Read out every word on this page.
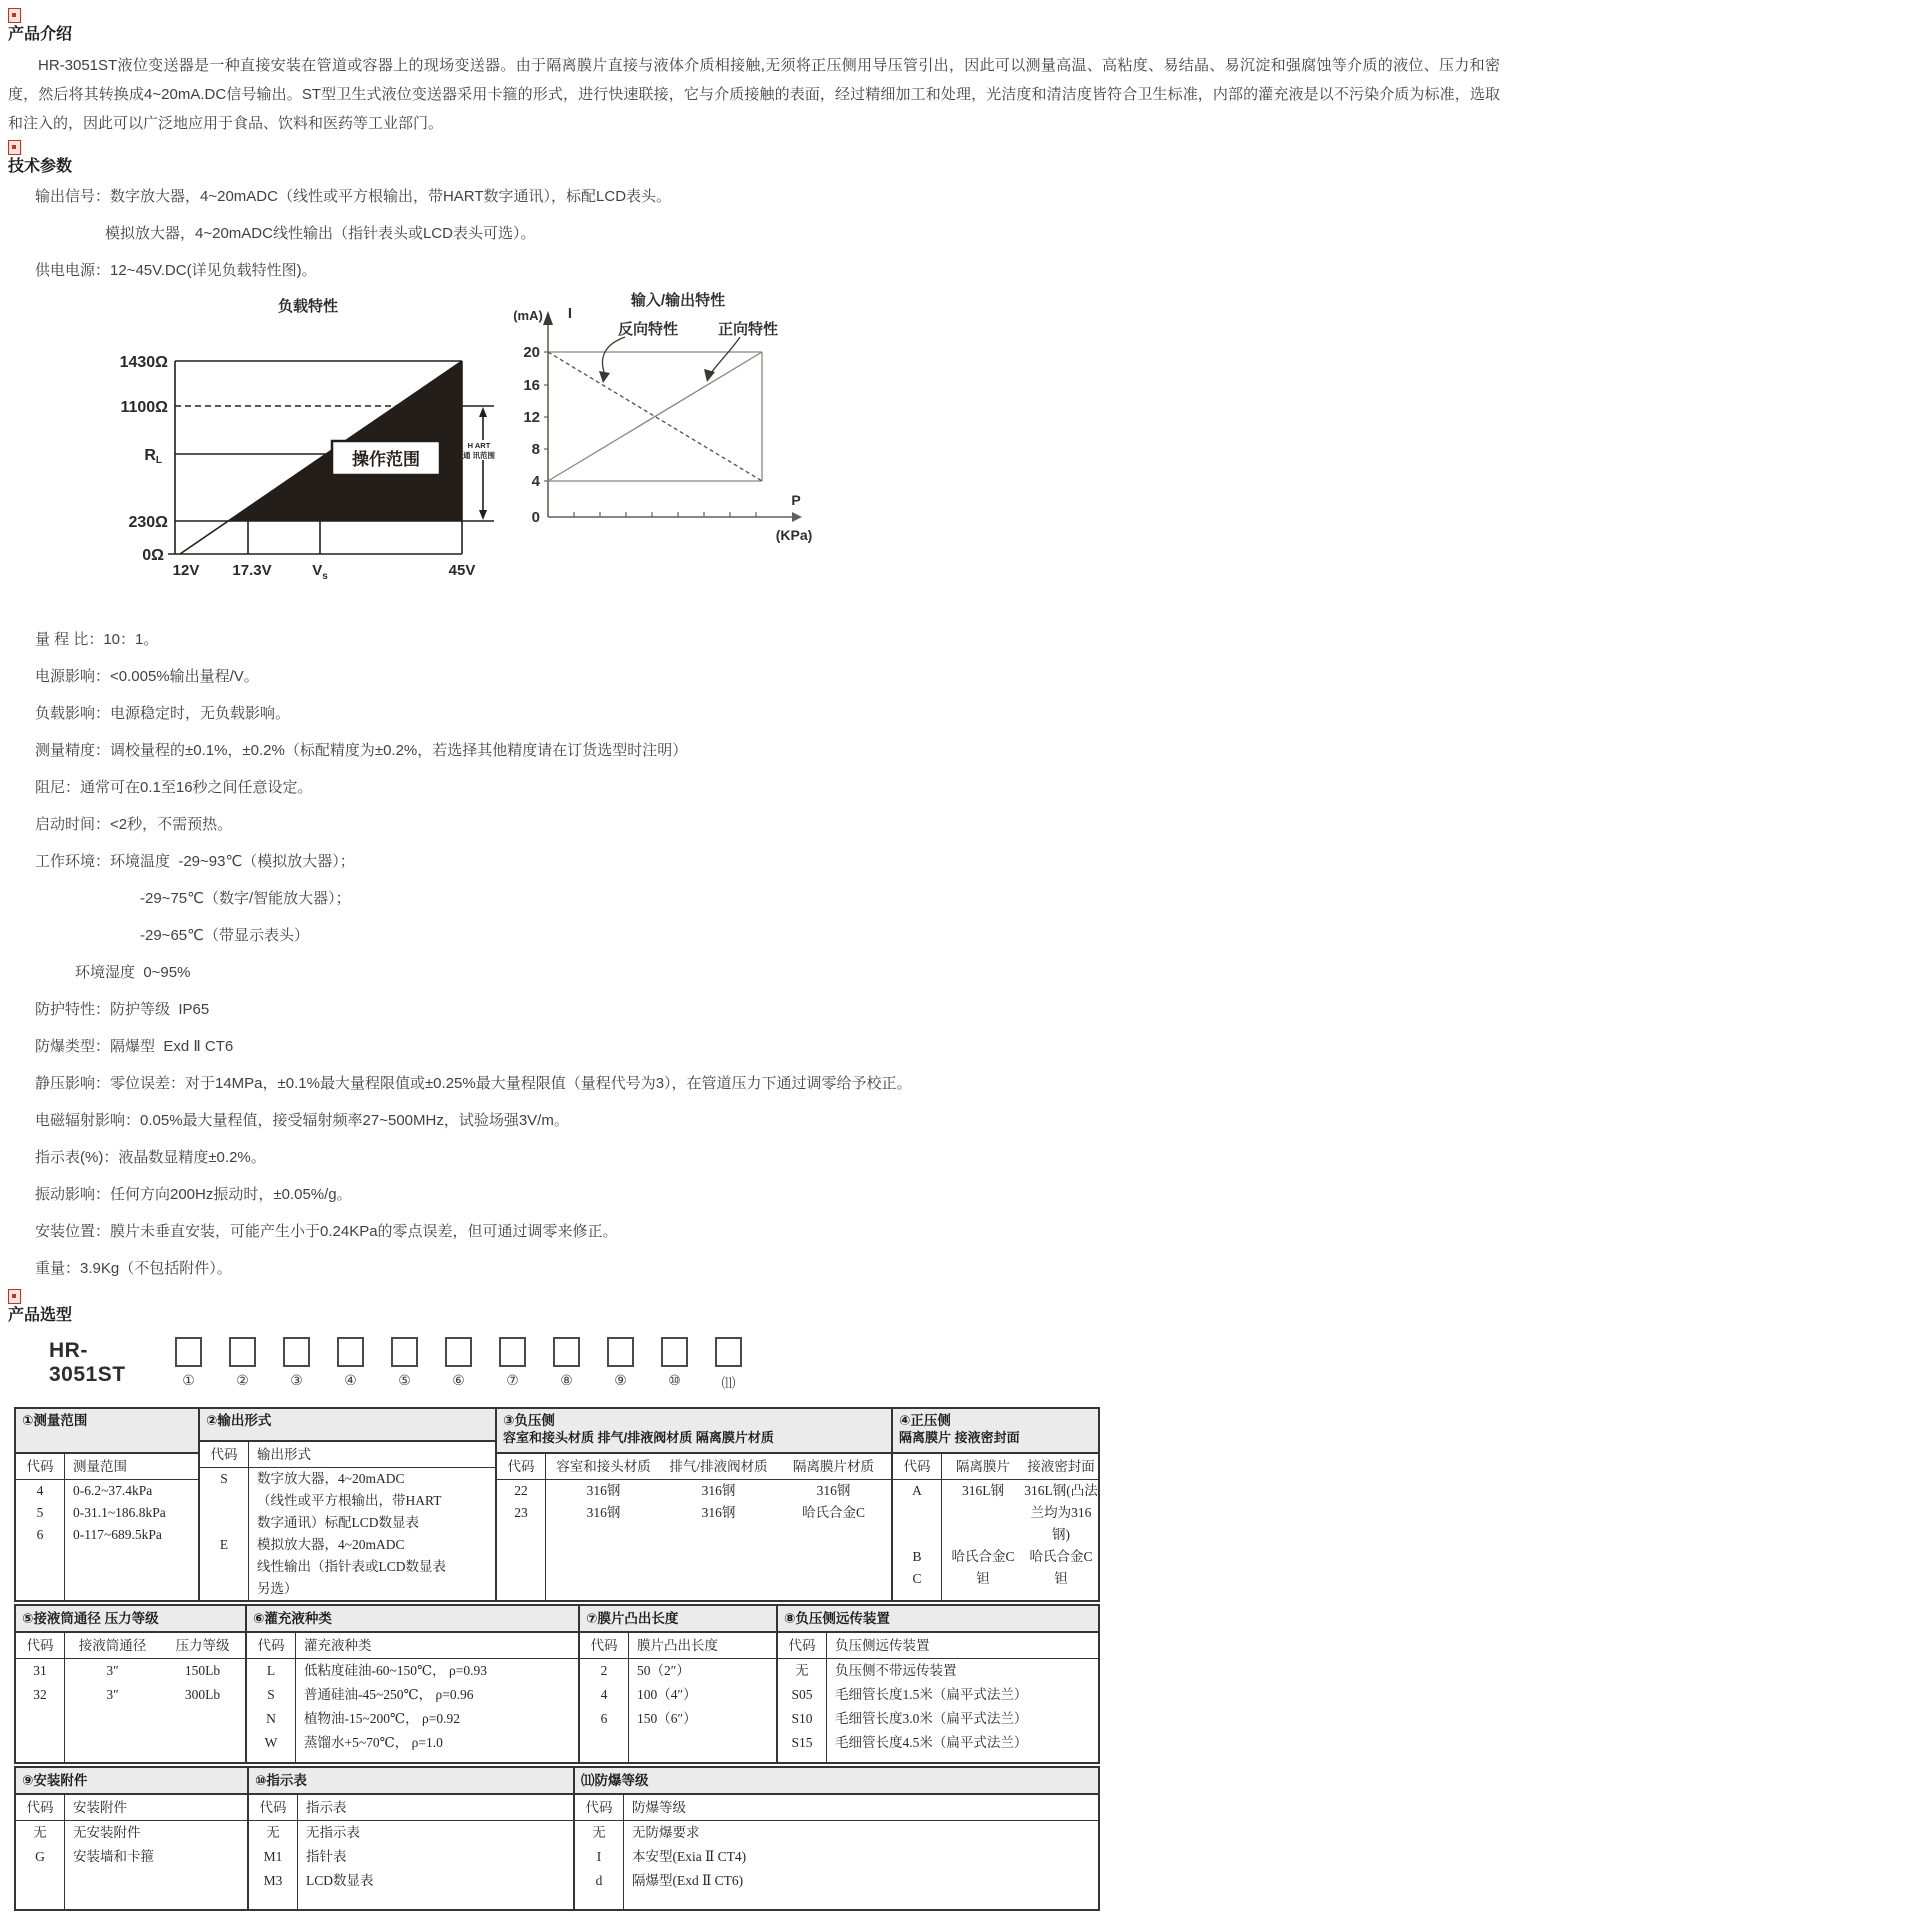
产品介绍

HR-3051ST液位变送器是一种直接安装在管道或容器上的现场变送器。由于隔离膜片直接与液体介质相接触,无须将正压侧用导压管引出，因此可以测量高温、高粘度、易结晶、易沉淀和强腐蚀等介质的液位、压力和密度，然后将其转换成4~20mA.DC信号输出。ST型卫生式液位变送器采用卡箍的形式，进行快速联接，它与介质接触的表面，经过精细加工和处理，光洁度和清洁度皆符合卫生标准，内部的灌充液是以不污染介质为标准，选取和注入的，因此可以广泛地应用于食品、饮料和医药等工业部门。

技术参数
输出信号：数字放大器，4~20mADC（线性或平方根输出，带HART数字通讯），标配LCD表头。
模拟放大器，4~20mADC线性输出（指针表头或LCD表头可选）。
供电电源：12~45V.DC(详见负载特性图)。
负载特性
操作范围
H ART
通 讯范围
1430Ω
1100Ω
RL
230Ω
0Ω
12V 17.3V	$V_s$	45V
输入/输出特性
(mA) I
反向特性	正向特性
20
16
12
8
4
0
P
(KPa)
量 程 比：10：1。
电源影响：<0.005%输出量程/V。
负载影响：电源稳定时，无负载影响。
测量精度：调校量程的±0.1%，±0.2%（标配精度为±0.2%，若选择其他精度请在订货选型时注明）
阻尼：通常可在0.1至16秒之间任意设定。
启动时间：<2秒，不需预热。
工作环境：环境温度  -29~93℃（模拟放大器）；
-29~75℃（数字/智能放大器）；
-29~65℃（带显示表头）
环境湿度  0~95%
防护特性：防护等级  IP65
防爆类型：隔爆型  Exd Ⅱ CT6
静压影响：零位误差：对于14MPa，±0.1%最大量程限值或±0.25%最大量程限值（量程代号为3），在管道压力下通过调零给予校正。
电磁辐射影响：0.05%最大量程值，接受辐射频率27~500MHz，试验场强3V/m。
指示表(%)：液晶数显精度±0.2%。
振动影响：任何方向200Hz振动时，±0.05%/g。
安装位置：膜片未垂直安装，可能产生小于0.24KPa的零点误差，但可通过调零来修正。
重量：3.9Kg（不包括附件）。
产品选型
HR-3051ST	①	②	③	④	⑤	⑥	⑦	⑧	⑨	⑩	⑾
①测量范围
代码	测量范围
4	0-6.2~37.4kPa
5	0-31.1~186.8kPa
6	0-117~689.5kPa
②输出形式
代码	输出形式
S	数字放大器，4~20mADC
（线性或平方根输出，带HART
数字通讯）标配LCD数显表
E	模拟放大器，4~20mADC
线性输出（指针表或LCD数显表
另选）
③负压侧
容室和接头材质 排气/排液阀材质 隔离膜片材质
代码	容室和接头材质	排气/排液阀材质	隔离膜片材质
22	316钢	316钢	316钢
23	316钢	316钢	哈氏合金C
④正压侧
隔离膜片 接液密封面
代码	隔离膜片	接液密封面
A	316L钢	316L钢(凸法兰均为316钢)
B	哈氏合金C	哈氏合金C
C	钽	钽
⑤接液筒通径 压力等级
代码	接液筒通径	压力等级
31	3″	150Lb
32	3″	300Lb
⑥灌充液种类
代码	灌充液种类
L	低粘度硅油-60~150℃， ρ=0.93
S	普通硅油-45~250℃， ρ=0.96
N	植物油-15~200℃， ρ=0.92
W	蒸馏水+5~70℃， ρ=1.0
⑦膜片凸出长度
代码	膜片凸出长度
2	50（2″）
4	100（4″）
6	150（6″）
⑧负压侧远传装置
代码	负压侧远传装置
无	负压侧不带远传装置
S05	毛细管长度1.5米（扁平式法兰）
S10	毛细管长度3.0米（扁平式法兰）
S15	毛细管长度4.5米（扁平式法兰）
⑨安装附件
代码	安装附件
无	无安装附件
G	安装墙和卡箍
⑩指示表
代码	指示表
无	无指示表
M1	指针表
M3	LCD数显表
⑾防爆等级
代码	防爆等级
无	无防爆要求
I	本安型(Exia Ⅱ CT4)
d	隔爆型(Exd Ⅱ CT6)
